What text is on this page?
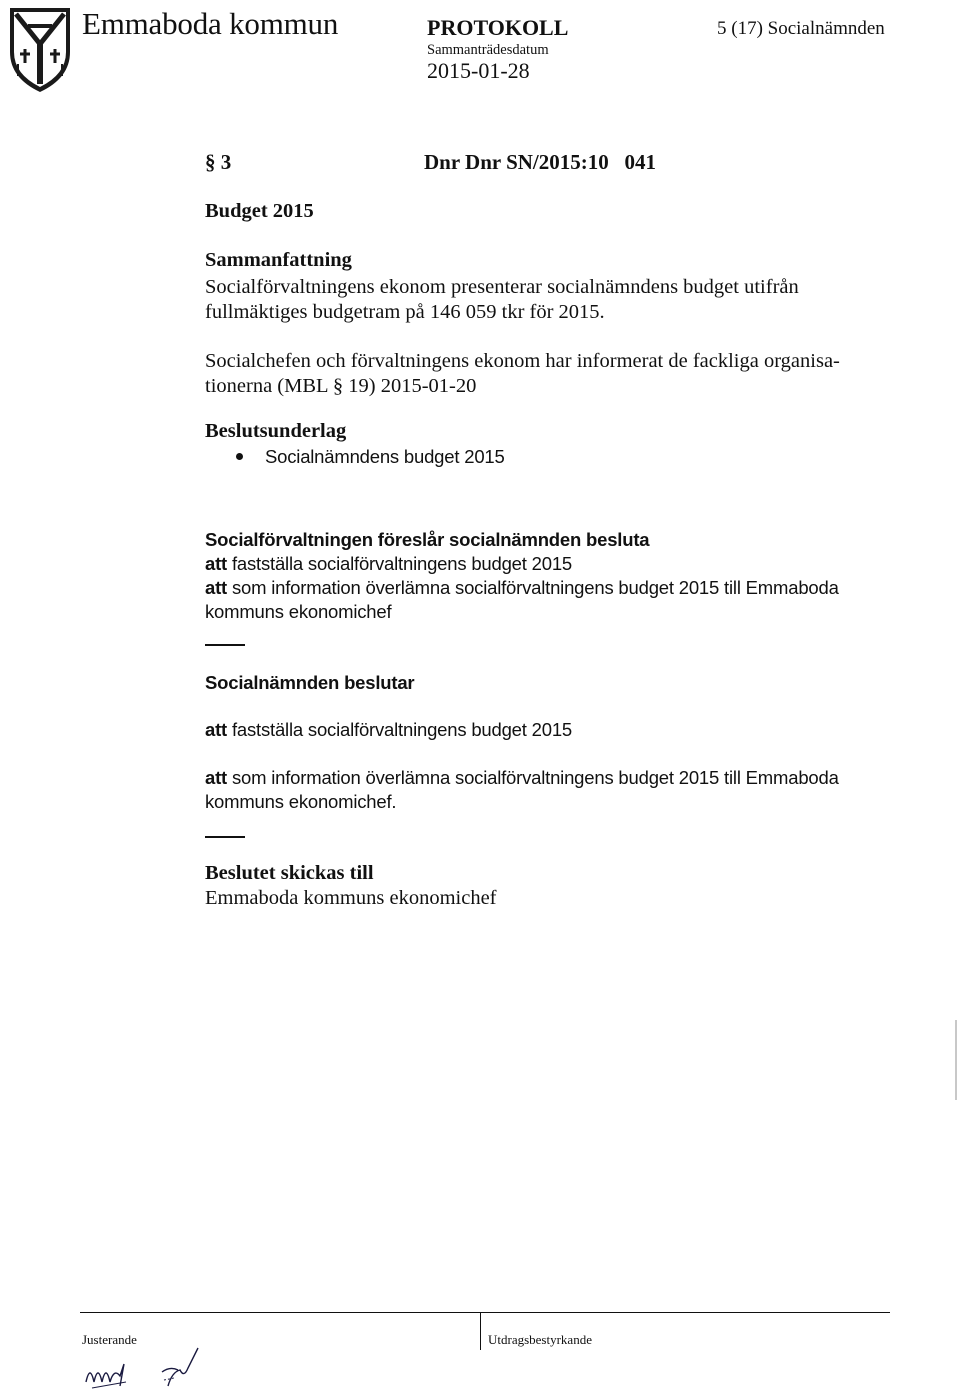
Emmaboda kommun	PROTOKOLL
Sammanträdesdatum
2015-01-28
5 (17) Socialnämnden
§ 3	Dnr Dnr SN/2015:10   041
Budget 2015
Sammanfattning
Socialförvaltningens ekonom presenterar socialnämndens budget utifrån
fullmäktiges budgetram på 146 059 tkr för 2015.
Socialchefen och förvaltningens ekonom har informerat de fackliga organisa-
tionerna (MBL § 19) 2015-01-20
Beslutsunderlag
Socialnämndens budget 2015
Socialförvaltningen föreslår socialnämnden besluta
att fastställa socialförvaltningens budget 2015
att som information överlämna socialförvaltningens budget 2015 till Emmaboda
kommuns ekonomichef
Socialnämnden beslutar
att fastställa socialförvaltningens budget 2015
att som information överlämna socialförvaltningens budget 2015 till Emmaboda
kommuns ekonomichef.
Beslutet skickas till
Emmaboda kommuns ekonomichef
Justerande	Utdragsbestyrkande
